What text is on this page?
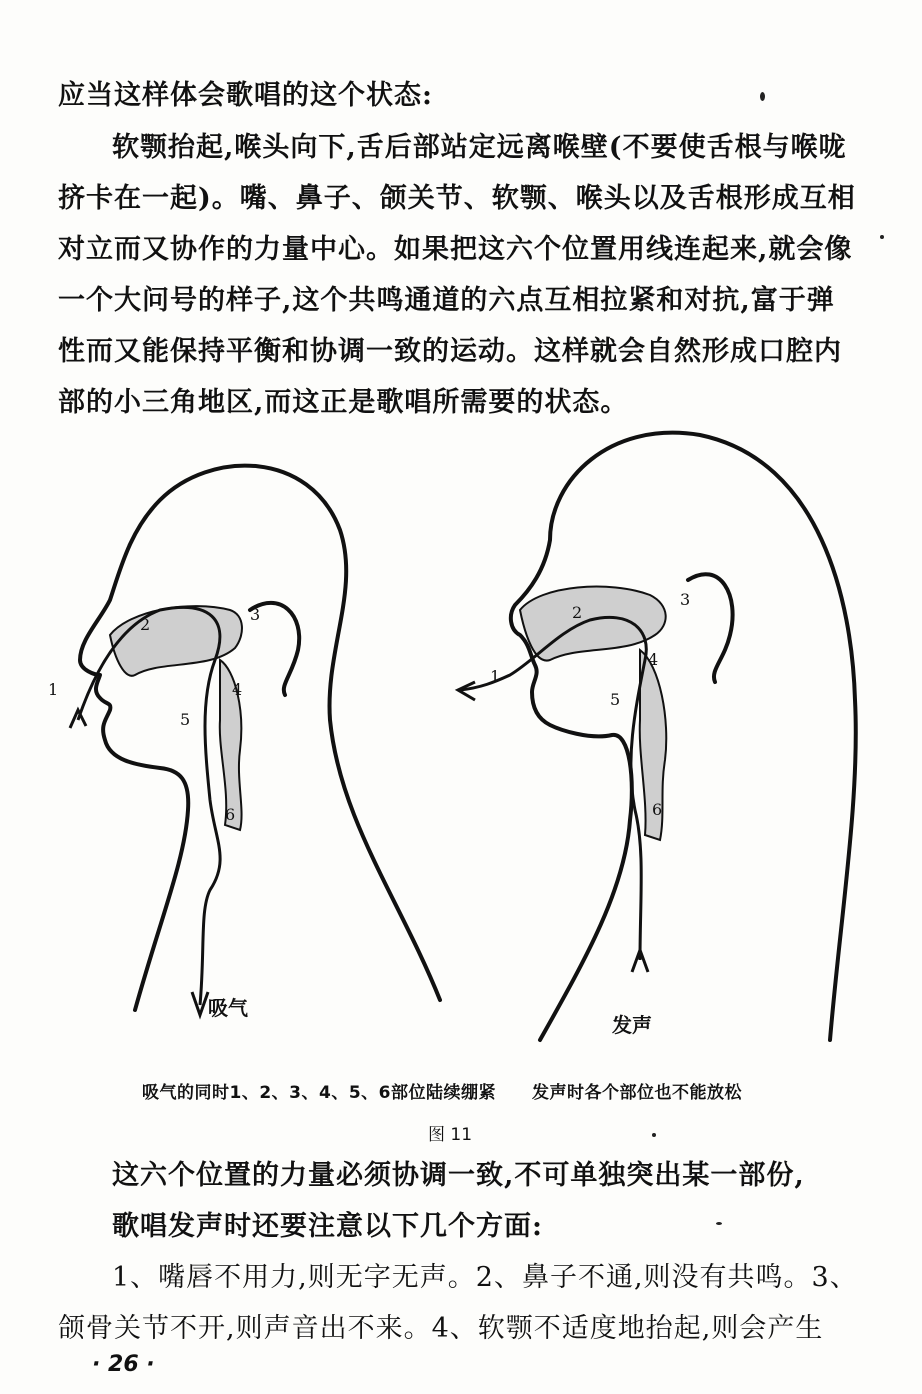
应当这样体会歌唱的这个状态:
软颚抬起,喉头向下,舌后部站定远离喉壁(不要使舌根与喉咙挤卡在一起)。嘴、鼻子、颌关节、软颚、喉头以及舌根形成互相对立而又协作的力量中心。如果把这六个位置用线连起来,就会像一个大问号的样子,这个共鸣通道的六点互相拉紧和对抗,富于弹性而又能保持平衡和协调一致的运动。这样就会自然形成口腔内部的小三角地区,而这正是歌唱所需要的状态。
1
2
3
4
5
6
吸气
1
2
3
4
5
6
发声
吸气的同时1、2、3、4、5、6部位陆续绷紧 发声时各个部位也不能放松
图 11
这六个位置的力量必须协调一致,不可单独突出某一部份,
歌唱发声时还要注意以下几个方面:
1、嘴唇不用力,则无字无声。2、鼻子不通,则没有共鸣。3、颌骨关节不开,则声音出不来。4、软颚不适度地抬起,则会产生
· 26 ·
